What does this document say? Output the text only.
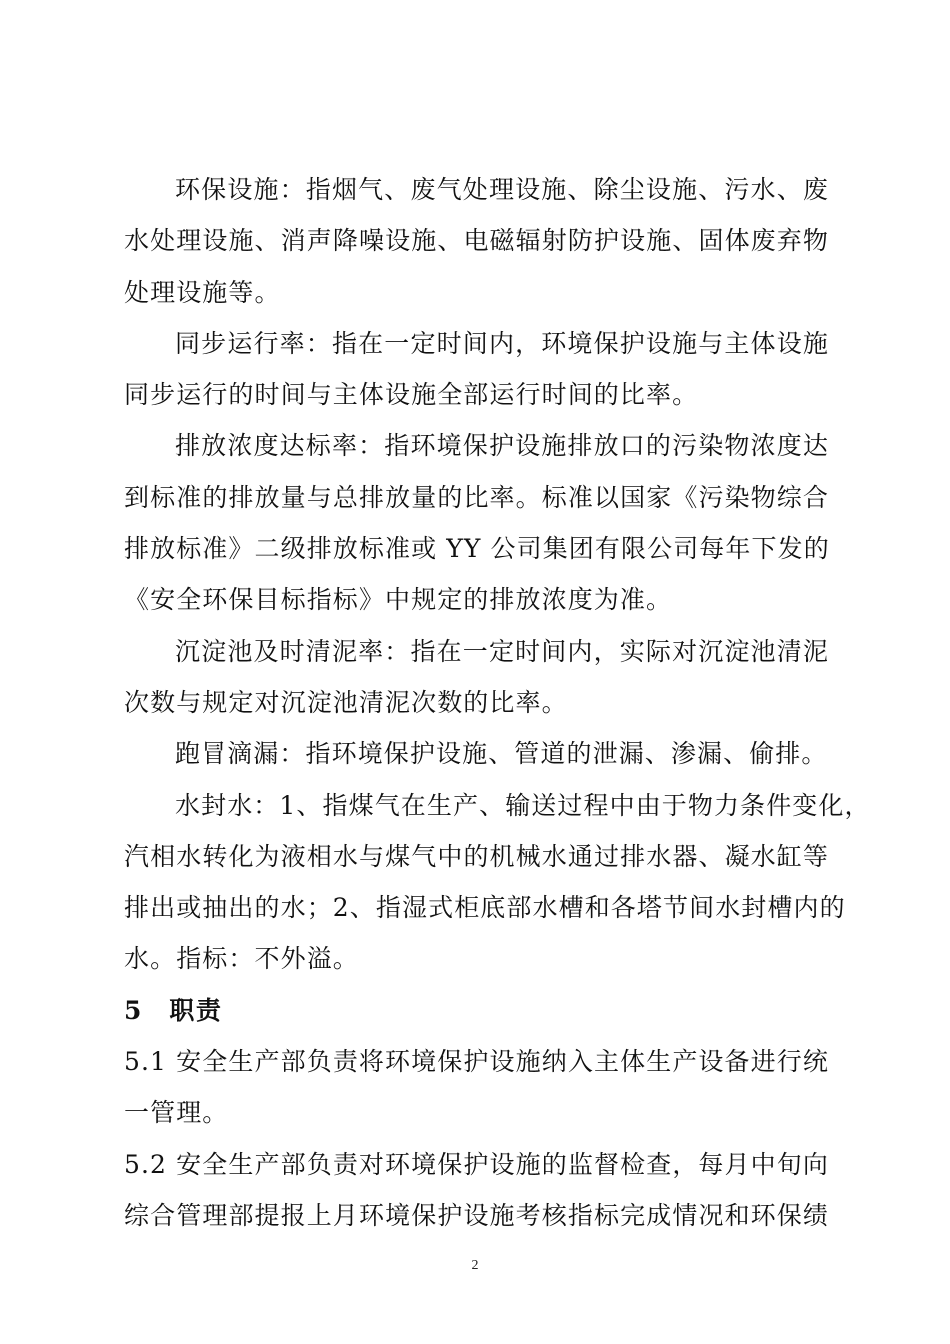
环保设施：指烟气、废气处理设施、除尘设施、污水、废
水处理设施、消声降噪设施、电磁辐射防护设施、固体废弃物
处理设施等。
同步运行率：指在一定时间内，环境保护设施与主体设施
同步运行的时间与主体设施全部运行时间的比率。
排放浓度达标率：指环境保护设施排放口的污染物浓度达
到标准的排放量与总排放量的比率。标准以国家《污染物综合
排放标准》二级排放标准或 YY 公司集团有限公司每年下发的
《安全环保目标指标》中规定的排放浓度为准。
沉淀池及时清泥率：指在一定时间内，实际对沉淀池清泥
次数与规定对沉淀池清泥次数的比率。
跑冒滴漏：指环境保护设施、管道的泄漏、渗漏、偷排。
水封水：1、指煤气在生产、输送过程中由于物力条件变化，
汽相水转化为液相水与煤气中的机械水通过排水器、凝水缸等
排出或抽出的水；2、指湿式柜底部水槽和各塔节间水封槽内的
水。指标：不外溢。
5　职责
5.1 安全生产部负责将环境保护设施纳入主体生产设备进行统
一管理。
5.2 安全生产部负责对环境保护设施的监督检查，每月中旬向
综合管理部提报上月环境保护设施考核指标完成情况和环保绩
2
